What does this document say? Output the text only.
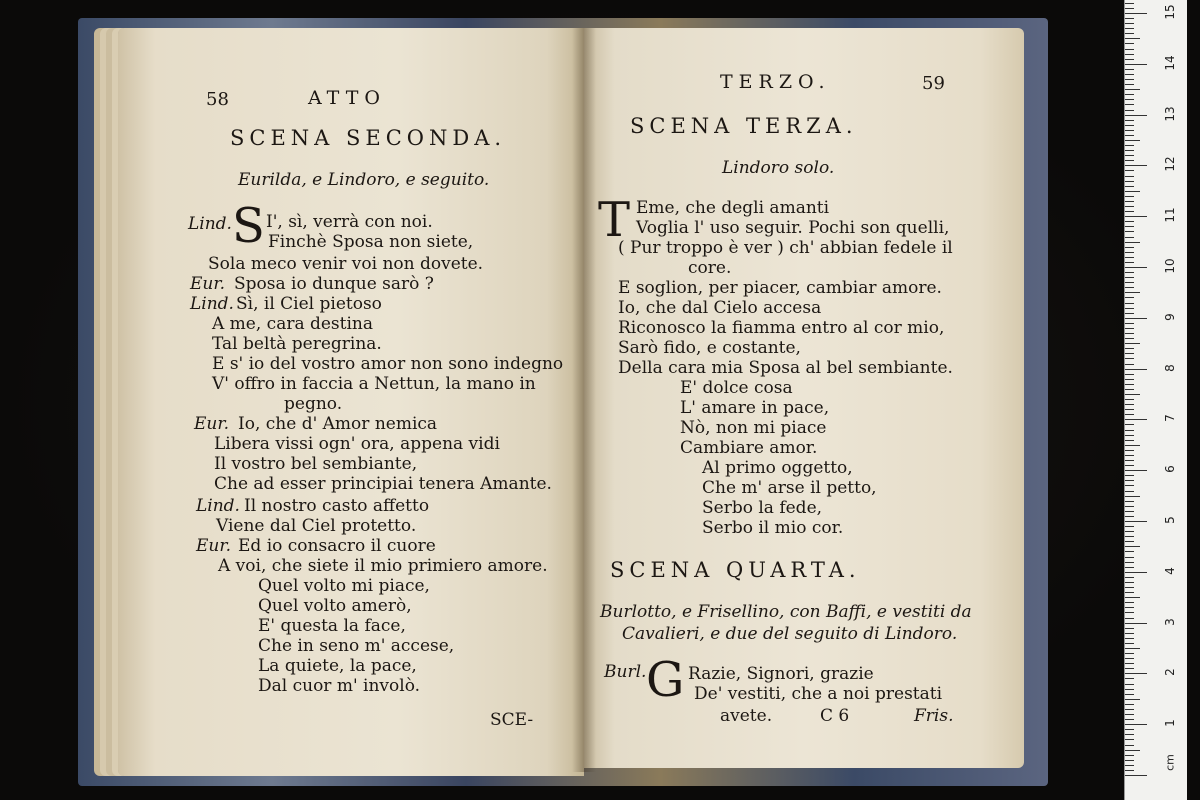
58	ATTO
SCENA SECONDA.
Eurilda, e Lindoro, e seguito.
Lind. S I', sì, verrà con noi.
Finchè Sposa non siete,
Sola meco venir voi non dovete.
Eur. Sposa io dunque sarò ?
Lind. Sì, il Ciel pietoso
A me, cara destina
Tal beltà peregrina.
E s' io del vostro amor non sono indegno
V' offro in faccia a Nettun, la mano in
pegno.
Eur. Io, che d' Amor nemica
Libera vissi ogn' ora, appena vidi
Il vostro bel sembiante,
Che ad esser principiai tenera Amante.
Lind. Il nostro casto affetto
Viene dal Ciel protetto.
Eur. Ed io consacro il cuore
A voi, che siete il mio primiero amore.
Quel volto mi piace,
Quel volto amerò,
E' questa la face,
Che in seno m' accese,
La quiete, la pace,
Dal cuor m' involò.
SCE-
TERZO.	59
SCENA TERZA.
Lindoro solo.
T Eme, che degli amanti
Voglia l' uso seguir. Pochi son quelli,
( Pur troppo è ver ) ch' abbian fedele il
core.
E soglion, per piacer, cambiar amore.
Io, che dal Cielo accesa
Riconosco la fiamma entro al cor mio,
Sarò fido, e costante,
Della cara mia Sposa al bel sembiante.
E' dolce cosa
L' amare in pace,
Nò, non mi piace
Cambiare amor.
Al primo oggetto,
Che m' arse il petto,
Serbo la fede,
Serbo il mio cor.
SCENA QUARTA.
Burlotto, e Frisellino, con Baffi, e vestiti da
Cavalieri, e due del seguito di Lindoro.
Burl. G Razie, Signori, grazie
De' vestiti, che a noi prestati
avete.	C 6	Fris.	1
2
3
4
5
6
7
8
9
10
11
12
13
14
15
cm
